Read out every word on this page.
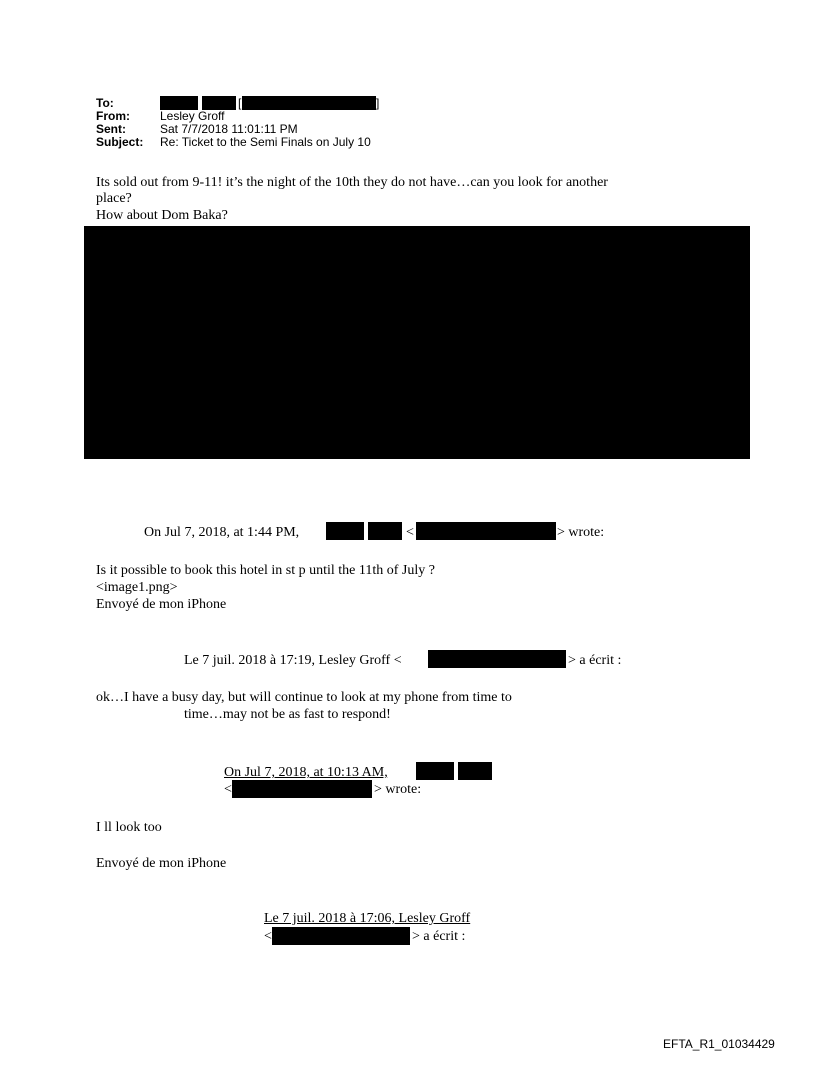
To:	[	]
From:	Lesley Groff
Sent:	Sat 7/7/2018 11:01:11 PM
Subject: Re: Ticket to the Semi Finals on July 10
Its sold out from 9-11! it’s the night of the 10th they do not have…can you look for another
place?
How about Dom Baka?
On Jul 7, 2018, at 1:44 PM,	<	> wrote:
Is it possible to book this hotel in st p until the 11th of July ?
<image1.png>
Envoyé de mon iPhone
Le 7 juil. 2018 à 17:19, Lesley Groff <	> a écrit :
ok…I have a busy day, but will continue to look at my phone from time to
time…may not be as fast to respond!
On Jul 7, 2018, at 10:13 AM,
<	> wrote:
I ll look too
Envoyé de mon iPhone
Le 7 juil. 2018 à 17:06, Lesley Groff
<	> a écrit :
EFTA_R1_01034429
